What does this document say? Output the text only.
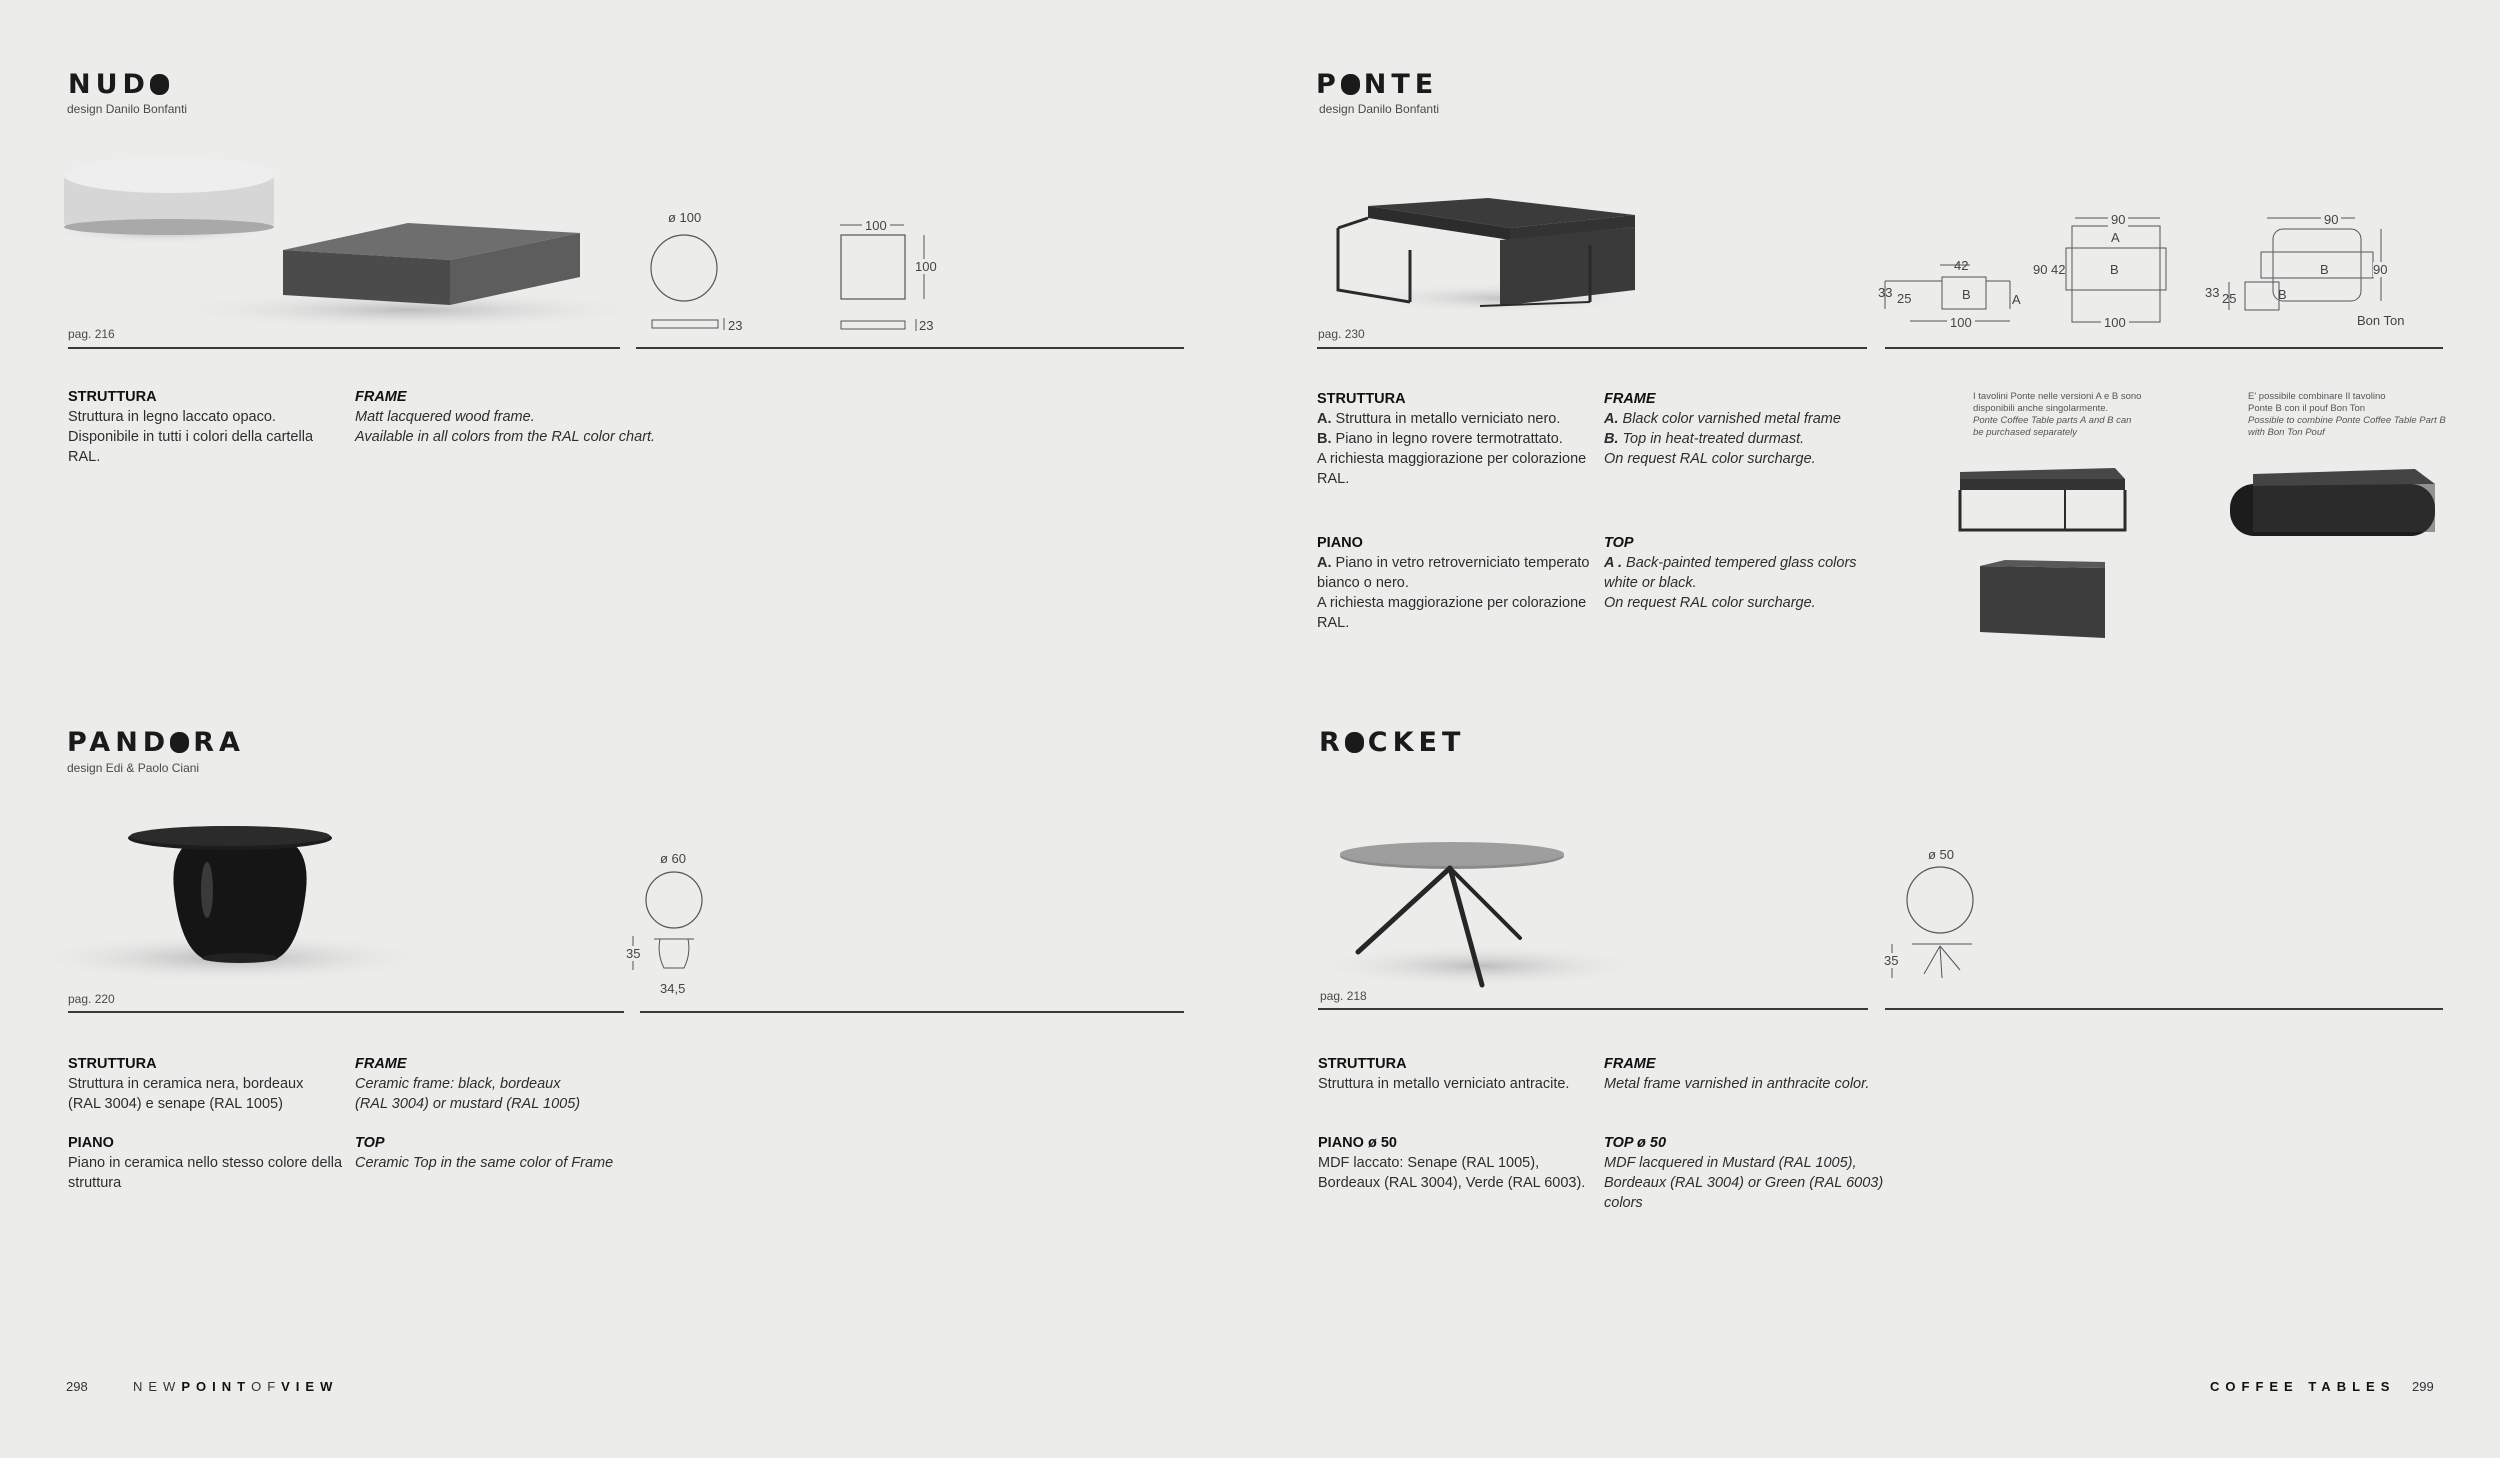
NUD
design Danilo Bonfanti
pag. 216
ø 100
23
100
100
23
STRUTTURA
Struttura in legno laccato opaco.
Disponibile in tutti i colori della cartella RAL.
FRAME
Matt lacquered wood frame.
Available in all colors from the RAL color chart.
PAND RA
design Edi & Paolo Ciani
pag. 220
ø 60
35
34,5
STRUTTURA
Struttura in ceramica nera, bordeaux
(RAL 3004) e senape (RAL 1005)
FRAME
Ceramic frame: black, bordeaux
(RAL 3004) or mustard (RAL 1005)
PIANO
Piano in ceramica nello stesso colore della
struttura
TOP
Ceramic Top in the same color of Frame
P NTE
design Danilo Bonfanti
pag. 230
42
B
33 25	A
100
90
A
B
90 42
100
90
90
B
B
33 25
Bon Ton
STRUTTURA
A. Struttura in metallo verniciato nero.
B. Piano in legno rovere termotrattato.
A richiesta maggiorazione per colorazione RAL.
FRAME
A. Black color varnished metal frame
B. Top in heat-treated durmast.
On request RAL color surcharge.
PIANO
A. Piano in vetro retroverniciato temperato
bianco o nero.
A richiesta maggiorazione per colorazione RAL.
TOP
A . Back-painted tempered glass colors
white or black.
On request RAL color surcharge.
I tavolini Ponte nelle versioni A e B sono
disponibili anche singolarmente.
Ponte Coffee Table parts A and B can
be purchased separately
E' possibile combinare Il tavolino
Ponte B con il pouf Bon Ton
Possible to combine Ponte Coffee Table Part B
with Bon Ton Pouf
R CKET
pag. 218
ø 50
35
STRUTTURA
Struttura in metallo verniciato antracite.
FRAME
Metal frame varnished in anthracite color.
PIANO ø 50
MDF laccato: Senape (RAL 1005),
Bordeaux (RAL 3004), Verde (RAL 6003).
TOP ø 50
MDF lacquered in Mustard (RAL 1005),
Bordeaux (RAL 3004) or Green (RAL 6003)
colors
298	NEWPOINTOFVIEW	COFFEE TABLES 299
